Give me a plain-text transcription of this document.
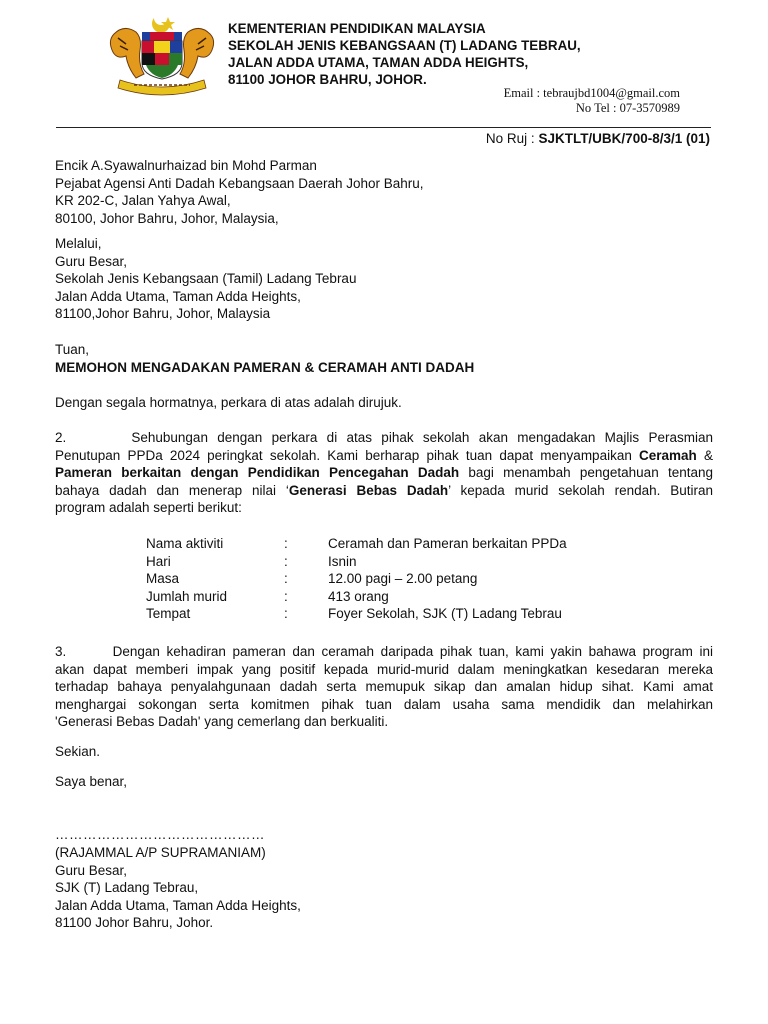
KEMENTERIAN PENDIDIKAN MALAYSIA
SEKOLAH JENIS KEBANGSAAN (T) LADANG TEBRAU,
JALAN ADDA UTAMA, TAMAN ADDA HEIGHTS,
81100 JOHOR BAHRU, JOHOR.
Email : tebraujbd1004@gmail.com
No Tel : 07-3570989
No Ruj : SJKTLT/UBK/700-8/3/1 (01)
Encik A.Syawalnurhaizad bin Mohd Parman
Pejabat Agensi Anti Dadah Kebangsaan Daerah Johor Bahru,
KR 202-C, Jalan Yahya Awal,
80100, Johor Bahru, Johor, Malaysia,
Melalui,
Guru Besar,
Sekolah Jenis Kebangsaan (Tamil) Ladang Tebrau
Jalan Adda Utama, Taman Adda Heights,
81100,Johor Bahru, Johor, Malaysia
Tuan,
MEMOHON MENGADAKAN PAMERAN & CERAMAH ANTI DADAH
Dengan segala hormatnya, perkara di atas adalah dirujuk.
2.       Sehubungan dengan perkara di atas pihak sekolah akan mengadakan Majlis Perasmian
Penutupan PPDa 2024 peringkat sekolah. Kami berharap pihak tuan dapat menyampaikan Ceramah &
Pameran berkaitan dengan Pendidikan Pencegahan Dadah bagi menambah pengetahuan tentang
bahaya dadah dan menerap nilai ‘Generasi Bebas Dadah’ kepada murid sekolah rendah. Butiran
program adalah seperti berikut:
Nama aktiviti	:	Ceramah dan Pameran berkaitan PPDa
Hari	:	Isnin
Masa	:	12.00 pagi – 2.00 petang
Jumlah murid	:	413 orang
Tempat	:	Foyer Sekolah, SJK (T) Ladang Tebrau
3.       Dengan kehadiran pameran dan ceramah daripada pihak tuan, kami yakin bahawa program ini
akan dapat memberi impak yang positif kepada murid-murid dalam meningkatkan kesedaran mereka
terhadap bahaya penyalahgunaan dadah serta memupuk sikap dan amalan hidup sihat. Kami amat
menghargai sokongan serta komitmen pihak tuan dalam usaha sama mendidik dan melahirkan
'Generasi Bebas Dadah' yang cemerlang dan berkualiti.
Sekian.
Saya benar,
………………………………………
(RAJAMMAL A/P SUPRAMANIAM)
Guru Besar,
SJK (T) Ladang Tebrau,
Jalan Adda Utama, Taman Adda Heights,
81100 Johor Bahru, Johor.
